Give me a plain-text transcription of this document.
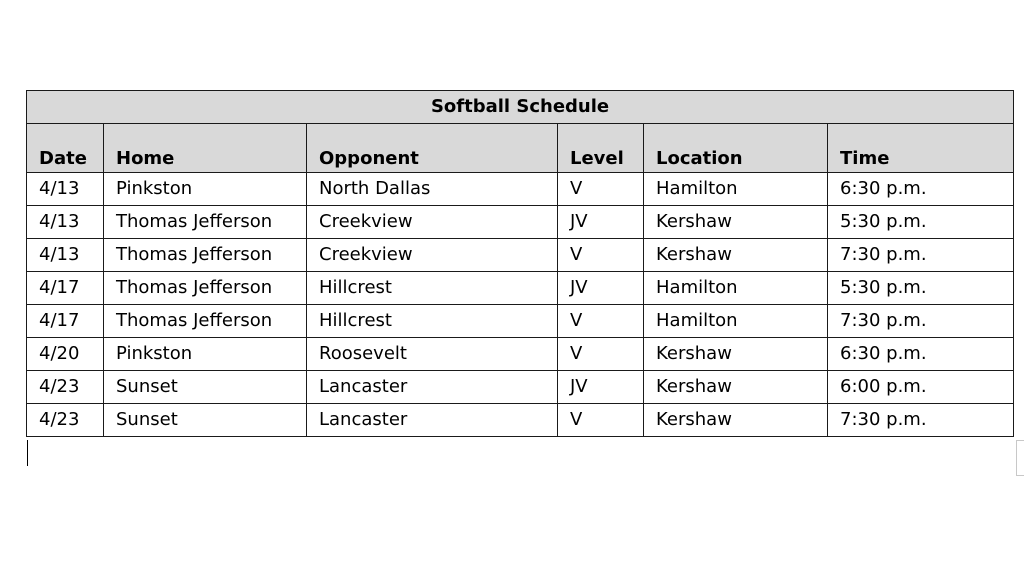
Softball Schedule					
Date	Home	Opponent	Level	Location	Time
4/13	Pinkston	North Dallas	V	Hamilton	6:30 p.m.
4/13	Thomas Jefferson	Creekview	JV	Kershaw	5:30 p.m.
4/13	Thomas Jefferson	Creekview	V	Kershaw	7:30 p.m.
4/17	Thomas Jefferson	Hillcrest	JV	Hamilton	5:30 p.m.
4/17	Thomas Jefferson	Hillcrest	V	Hamilton	7:30 p.m.
4/20	Pinkston	Roosevelt	V	Kershaw	6:30 p.m.
4/23	Sunset	Lancaster	JV	Kershaw	6:00 p.m.
4/23	Sunset	Lancaster	V	Kershaw	7:30 p.m.
